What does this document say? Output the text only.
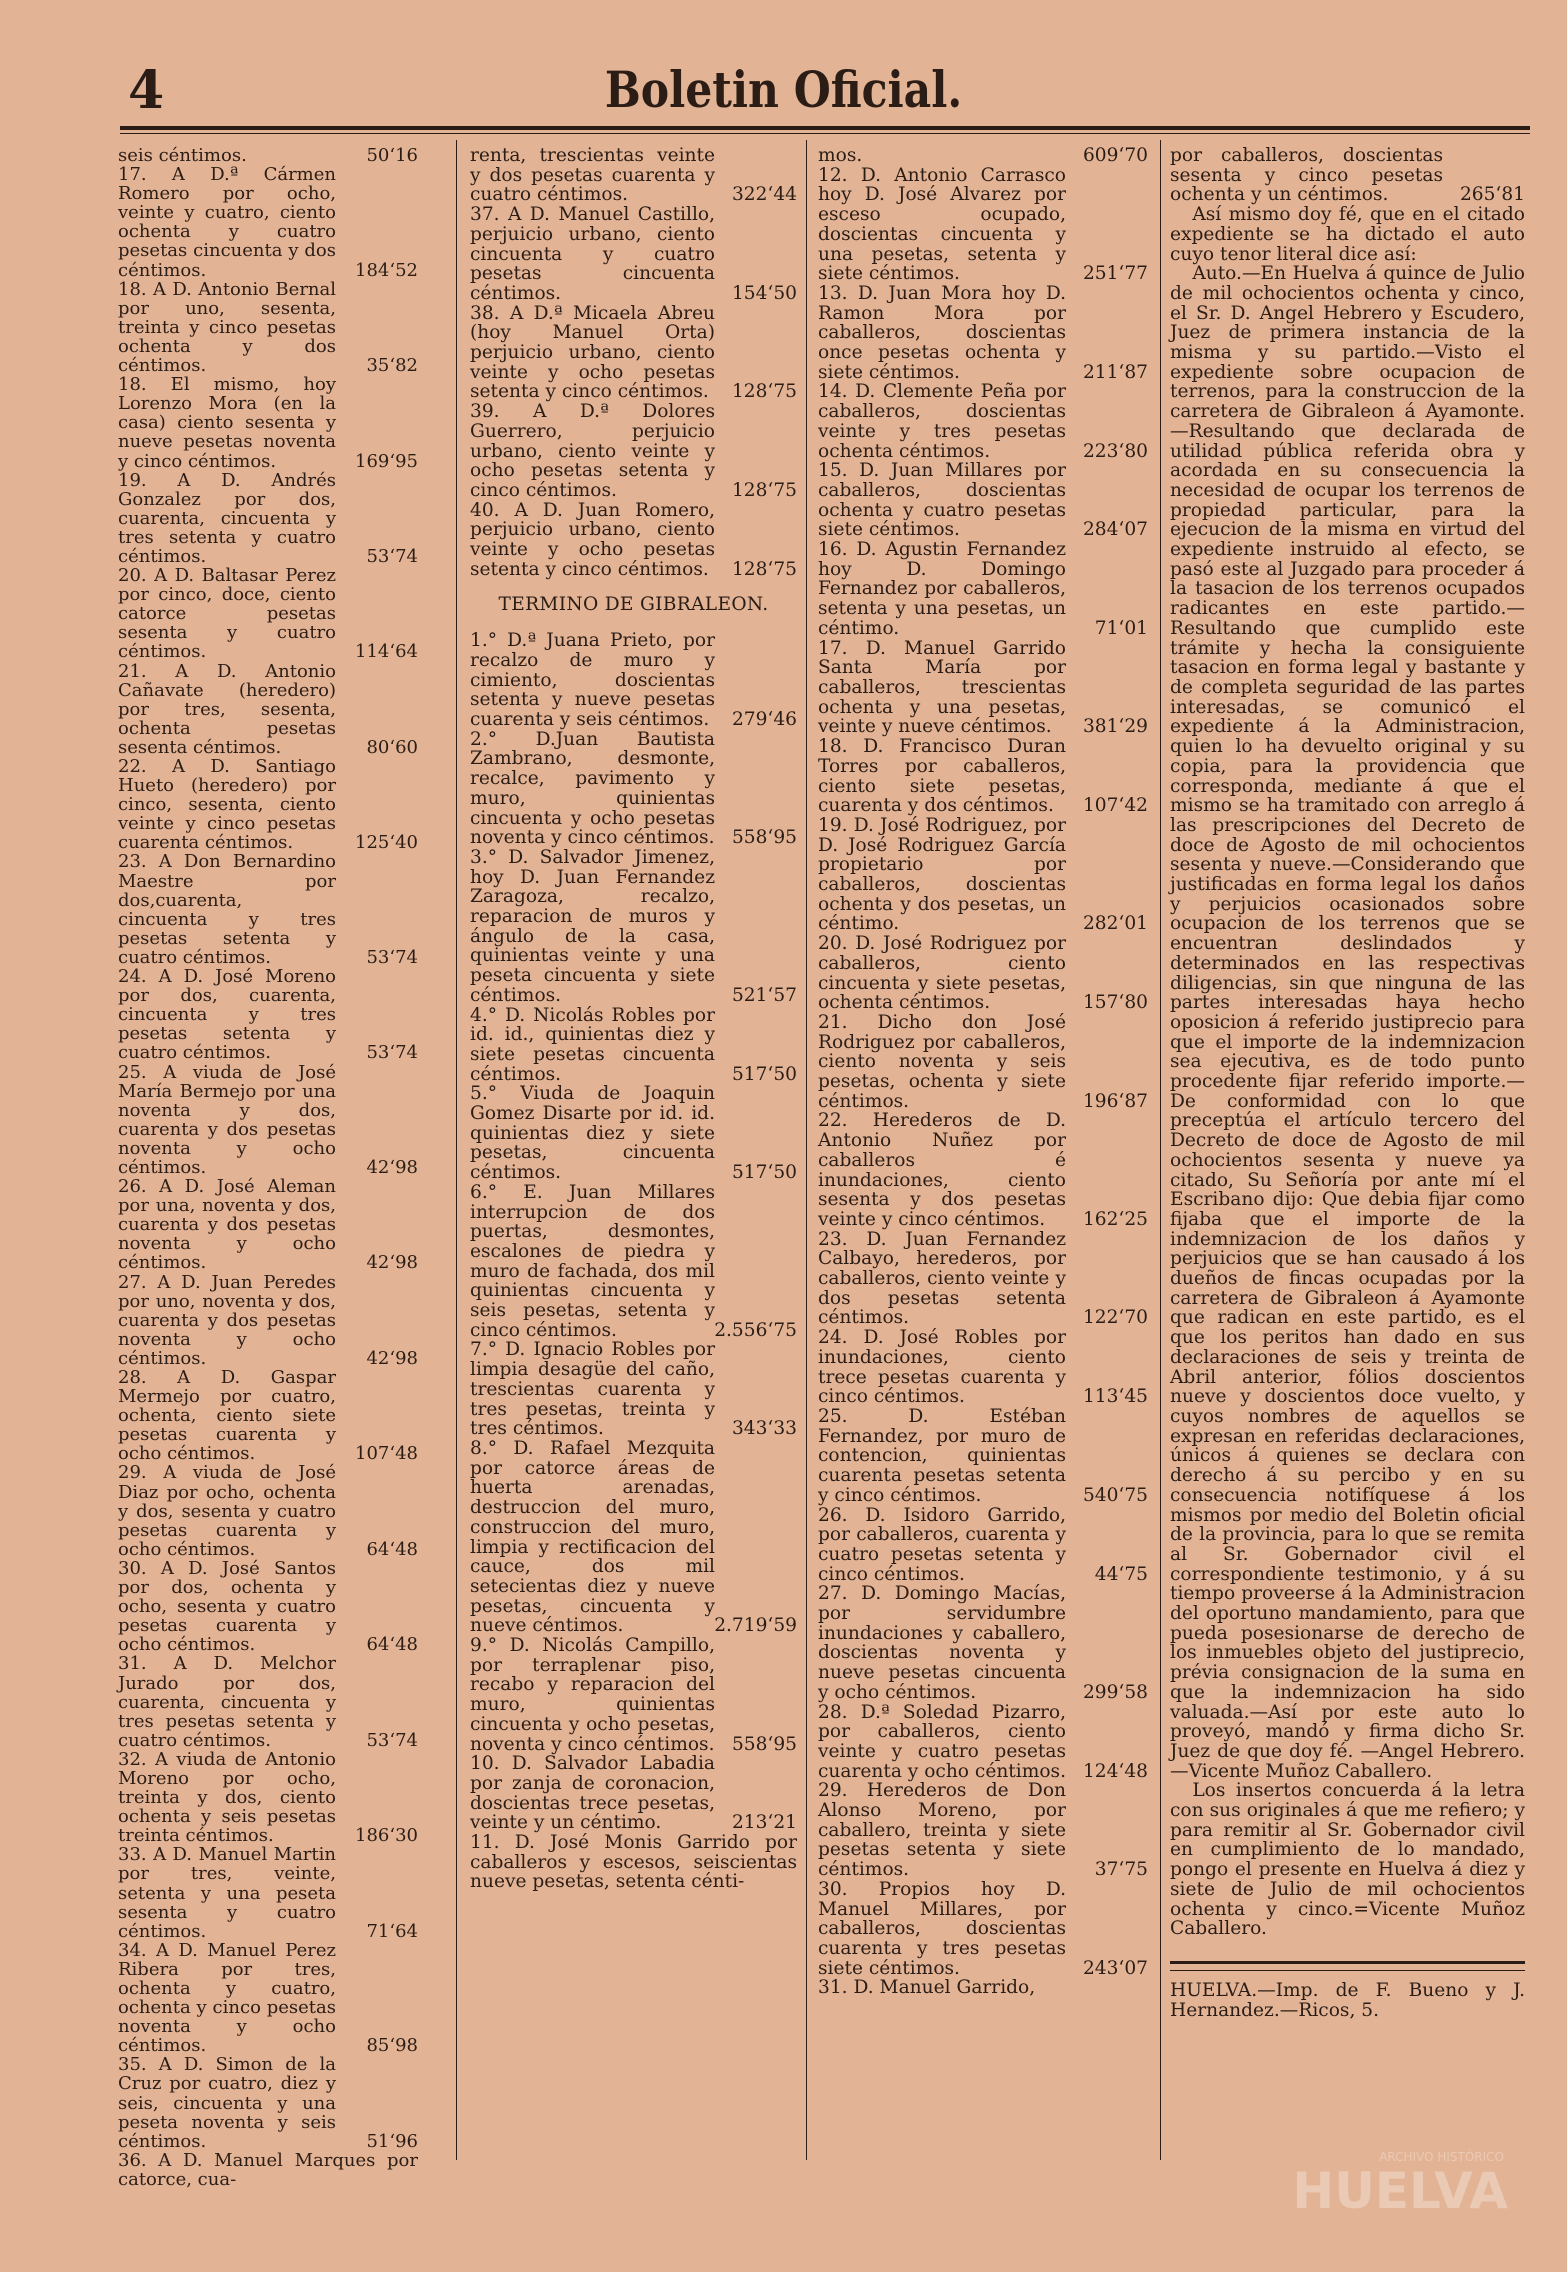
4	Boletin Oficial.
seis céntimos.	50‘16
17. A D.ª Cármen Romero por ocho, veinte y cuatro, ciento ochenta y cuatro pesetas cincuenta y dos céntimos.	184‘52
18. A D. Antonio Bernal por uno, sesenta, treinta y cinco pesetas ochenta y dos céntimos.	35‘82
18. El mismo, hoy Lorenzo Mora (en la casa) ciento sesenta y nueve pesetas noventa y cinco céntimos.	169‘95
19. A D. Andrés Gonzalez por dos, cuarenta, cincuenta y tres setenta y cuatro céntimos.	53‘74
20. A D. Baltasar Perez por cinco, doce, ciento catorce pesetas sesenta y cuatro céntimos.	114‘64
21. A D. Antonio Cañavate (heredero) por tres, sesenta, ochenta pesetas sesenta céntimos.	80‘60
22. A D. Santiago Hueto (heredero) por cinco, sesenta, ciento veinte y cinco pesetas cuarenta céntimos.	125‘40
23. A Don Bernardino Maestre por dos,cuarenta, cincuenta y tres pesetas setenta y cuatro céntimos.	53‘74
24. A D. José Moreno por dos, cuarenta, cincuenta y tres pesetas setenta y cuatro céntimos.	53‘74
25. A viuda de José María Bermejo por una noventa y dos, cuarenta y dos pesetas noventa y ocho céntimos.	42‘98
26. A D. José Aleman por una, noventa y dos, cuarenta y dos pesetas noventa y ocho céntimos.	42‘98
27. A D. Juan Peredes por uno, noventa y dos, cuarenta y dos pesetas noventa y ocho céntimos.	42‘98
28. A D. Gaspar Mermejo por cuatro, ochenta, ciento siete pesetas cuarenta y ocho céntimos.	107‘48
29. A viuda de José Diaz por ocho, ochenta y dos, sesenta y cuatro pesetas cuarenta y ocho céntimos.	64‘48
30. A D. José Santos por dos, ochenta y ocho, sesenta y cuatro pesetas cuarenta y ocho céntimos.	64‘48
31. A D. Melchor Jurado por dos, cuarenta, cincuenta y tres pesetas setenta y cuatro céntimos.	53‘74
32. A viuda de Antonio Moreno por ocho, treinta y dos, ciento ochenta y seis pesetas treinta céntimos.	186‘30
33. A D. Manuel Martin por tres, veinte, setenta y una peseta sesenta y cuatro céntimos.	71‘64
34. A D. Manuel Perez Ribera por tres, ochenta y cuatro, ochenta y cinco pesetas noventa y ocho céntimos.	85‘98
35. A D. Simon de la Cruz por cuatro, diez y seis, cincuenta y una peseta noventa y seis céntimos.	51‘96
36. A D. Manuel Marques por catorce, cua-
renta, trescientas veinte y dos pesetas cuarenta y cuatro céntimos.	322‘44
37. A D. Manuel Castillo, perjuicio urbano, ciento cincuenta y cuatro pesetas cincuenta céntimos.	154‘50
38. A D.ª Micaela Abreu (hoy Manuel Orta) perjuicio urbano, ciento veinte y ocho pesetas setenta y cinco céntimos.	128‘75
39. A D.ª Dolores Guerrero, perjuicio urbano, ciento veinte y ocho pesetas setenta y cinco céntimos.	128‘75
40. A D. Juan Romero, perjuicio urbano, ciento veinte y ocho pesetas setenta y cinco céntimos.	128‘75
TERMINO DE GIBRALEON.
1.° D.ª Juana Prieto, por recalzo de muro y cimiento, doscientas setenta y nueve pesetas cuarenta y seis céntimos.	279‘46
2.° D.Juan Bautista Zambrano, desmonte, recalce, pavimento y muro, quinientas cincuenta y ocho pesetas noventa y cinco céntimos. 558‘95
3.° D. Salvador Jimenez, hoy D. Juan Fernandez Zaragoza, recalzo, reparacion de muros y ángulo de la casa, quinientas veinte y una peseta cincuenta y siete céntimos.	521‘57
4.° D. Nicolás Robles por id. id., quinientas diez y siete pesetas cincuenta céntimos.	517‘50
5.° Viuda de Joaquin Gomez Disarte por id. id. quinientas diez y siete pesetas, cincuenta céntimos.	517‘50
6.° E. Juan Millares interrupcion de dos puertas, desmontes, escalones de piedra y muro de fachada, dos mil quinientas cincuenta y seis pesetas, setenta y cinco céntimos.	2.556‘75
7.° D. Ignacio Robles por limpia desagüe del caño, trescientas cuarenta y tres pesetas, treinta y tres céntimos.	343‘33
8.° D. Rafael Mezquita por catorce áreas de huerta arenadas, destruccion del muro, construccion del muro, limpia y rectificacion del cauce, dos mil setecientas diez y nueve pesetas, cincuenta y nueve céntimos.	2.719‘59
9.° D. Nicolás Campillo, por terraplenar piso, recabo y reparacion del muro, quinientas cincuenta y ocho pesetas, noventa y cinco céntimos. 558‘95
10. D. Salvador Labadia por zanja de coronacion, doscientas trece pesetas, veinte y un céntimo.	213‘21
11. D. José Monis Garrido por caballeros y escesos, seiscientas nueve pesetas, setenta cénti-
mos.	609‘70
12. D. Antonio Carrasco hoy D. José Alvarez por esceso ocupado, doscientas cincuenta y una pesetas, setenta y siete céntimos.	251‘77
13. D. Juan Mora hoy D. Ramon Mora por caballeros, doscientas once pesetas ochenta y siete céntimos.	211‘87
14. D. Clemente Peña por caballeros, doscientas veinte y tres pesetas ochenta céntimos.	223‘80
15. D. Juan Millares por caballeros, doscientas ochenta y cuatro pesetas siete céntimos.	284‘07
16. D. Agustin Fernandez hoy D. Domingo Fernandez por caballeros, setenta y una pesetas, un céntimo.	71‘01
17. D. Manuel Garrido Santa María por caballeros, trescientas ochenta y una pesetas, veinte y nueve céntimos.	381‘29
18. D. Francisco Duran Torres por caballeros, ciento siete pesetas, cuarenta y dos céntimos.	107‘42
19. D. José Rodriguez, por D. José Rodriguez García propietario por caballeros, doscientas ochenta y dos pesetas, un céntimo.	282‘01
20. D. José Rodriguez por caballeros, ciento cincuenta y siete pesetas, ochenta céntimos.	157‘80
21. Dicho don José Rodriguez por caballeros, ciento noventa y seis pesetas, ochenta y siete céntimos.	196‘87
22. Herederos de D. Antonio Nuñez por caballeros é inundaciones, ciento sesenta y dos pesetas veinte y cinco céntimos.	162‘25
23. D. Juan Fernandez Calbayo, herederos, por caballeros, ciento veinte y dos pesetas setenta céntimos.	122‘70
24. D. José Robles por inundaciones, ciento trece pesetas cuarenta y cinco céntimos.	113‘45
25. D. Estéban Fernandez, por muro de contencion, quinientas cuarenta pesetas setenta y cinco céntimos.	540‘75
26. D. Isidoro Garrido, por caballeros, cuarenta y cuatro pesetas setenta y cinco céntimos.	44‘75
27. D. Domingo Macías, por servidumbre inundaciones y caballero, doscientas noventa y nueve pesetas cincuenta y ocho céntimos.	299‘58
28. D.ª Soledad Pizarro, por caballeros, ciento veinte y cuatro pesetas cuarenta y ocho céntimos. 124‘48
29. Herederos de Don Alonso Moreno, por caballero, treinta y siete pesetas setenta y siete céntimos.	37‘75
30. Propios hoy D. Manuel Millares, por caballeros, doscientas cuarenta y tres pesetas siete céntimos.	243‘07
31. D. Manuel Garrido,
por caballeros, doscientas sesenta y cinco pesetas ochenta y un céntimos.	265‘81

Así mismo doy fé, que en el citado expediente se ha dictado el auto cuyo tenor literal dice así:

Auto.—En Huelva á quince de Julio de mil ochocientos ochenta y cinco, el Sr. D. Angel Hebrero y Escudero, Juez de primera instancia de la misma y su partido.—Visto el expediente sobre ocupacion de terrenos, para la construccion de la carretera de Gibraleon á Ayamonte.—Resultando que declarada de utilidad pública referida obra y acordada en su consecuencia la necesidad de ocupar los terrenos de propiedad particular, para la ejecucion de la misma en virtud del expediente instruido al efecto, se pasó este al Juzgado para proceder á la tasacion de los terrenos ocupados radicantes en este partido.—Resultando que cumplido este trámite y hecha la consiguiente tasacion en forma legal y bastante y de completa seguridad de las partes interesadas, se comunicó el expediente á la Administracion, quien lo ha devuelto original y su copia, para la providencia que corresponda, mediante á que el mismo se ha tramitado con arreglo á las prescripciones del Decreto de doce de Agosto de mil ochocientos sesenta y nueve.—Considerando que justificadas en forma legal los daños y perjuicios ocasionados sobre ocupacion de los terrenos que se encuentran deslindados y determinados en las respectivas diligencias, sin que ninguna de las partes interesadas haya hecho oposicion á referido justiprecio para que el importe de la indemnizacion sea ejecutiva, es de todo punto procedente fijar referido importe.—De conformidad con lo que preceptúa el artículo tercero del Decreto de doce de Agosto de mil ochocientos sesenta y nueve ya citado, Su Señoría por ante mí el Escribano dijo: Que debia fijar como fijaba que el importe de la indemnizacion de los daños y perjuicios que se han causado á los dueños de fincas ocupadas por la carretera de Gibraleon á Ayamonte que radican en este partido, es el que los peritos han dado en sus declaraciones de seis y treinta de Abril anterior, fólios doscientos nueve y doscientos doce vuelto, y cuyos nombres de aquellos se expresan en referidas declaraciones, únicos á quienes se declara con derecho á su percibo y en su consecuencia notifíquese á los mismos por medio del Boletin oficial de la provincia, para lo que se remita al Sr. Gobernador civil el correspondiente testimonio, y á su tiempo proveerse á la Administracion del oportuno mandamiento, para que pueda posesionarse de derecho de los inmuebles objeto del justiprecio, prévia consignacion de la suma en que la indemnizacion ha sido valuada.—Así por este auto lo proveyó, mandó y firma dicho Sr. Juez de que doy fé. —Angel Hebrero.—Vicente Muñoz Caballero.

Los insertos concuerda á la letra con sus originales á que me refiero; y para remitir al Sr. Gobernador civil en cumplimiento de lo mandado, pongo el presente en Huelva á diez y siete de Julio de mil ochocientos ochenta y cinco.=Vicente Muñoz Caballero.

HUELVA.—Imp. de F. Bueno y J. Hernandez.—Ricos, 5.

ARCHIVO HISTÓRICO
HUELVA
